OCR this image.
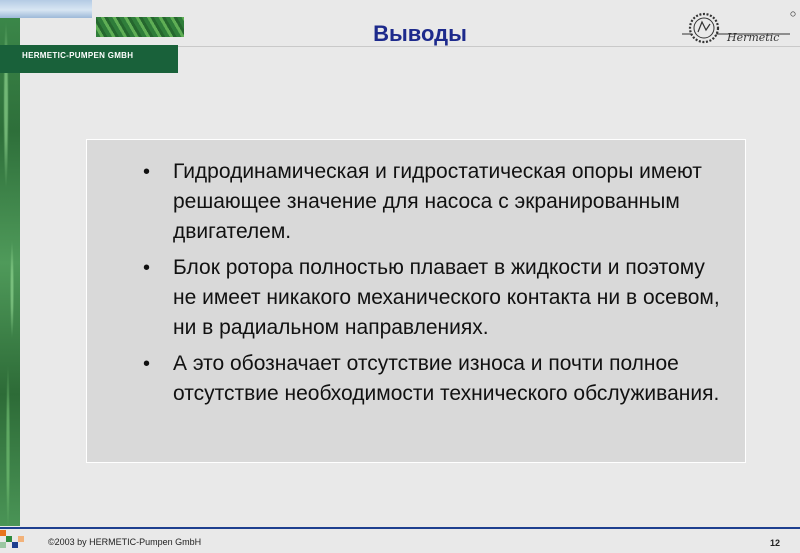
HERMETIC-PUMPEN GMBH
Выводы	Hermetic
• Гидродинамическая и гидростатическая опоры имеют решающее значение для насоса с экранированным двигателем.
• Блок ротора полностью плавает в жидкости и поэтому не имеет никакого механического контакта ни в осевом, ни в радиальном направлениях.
• А это обозначает отсутствие износа и почти полное отсутствие необходимости технического обслуживания.
©2003 by HERMETIC-Pumpen GmbH	12
